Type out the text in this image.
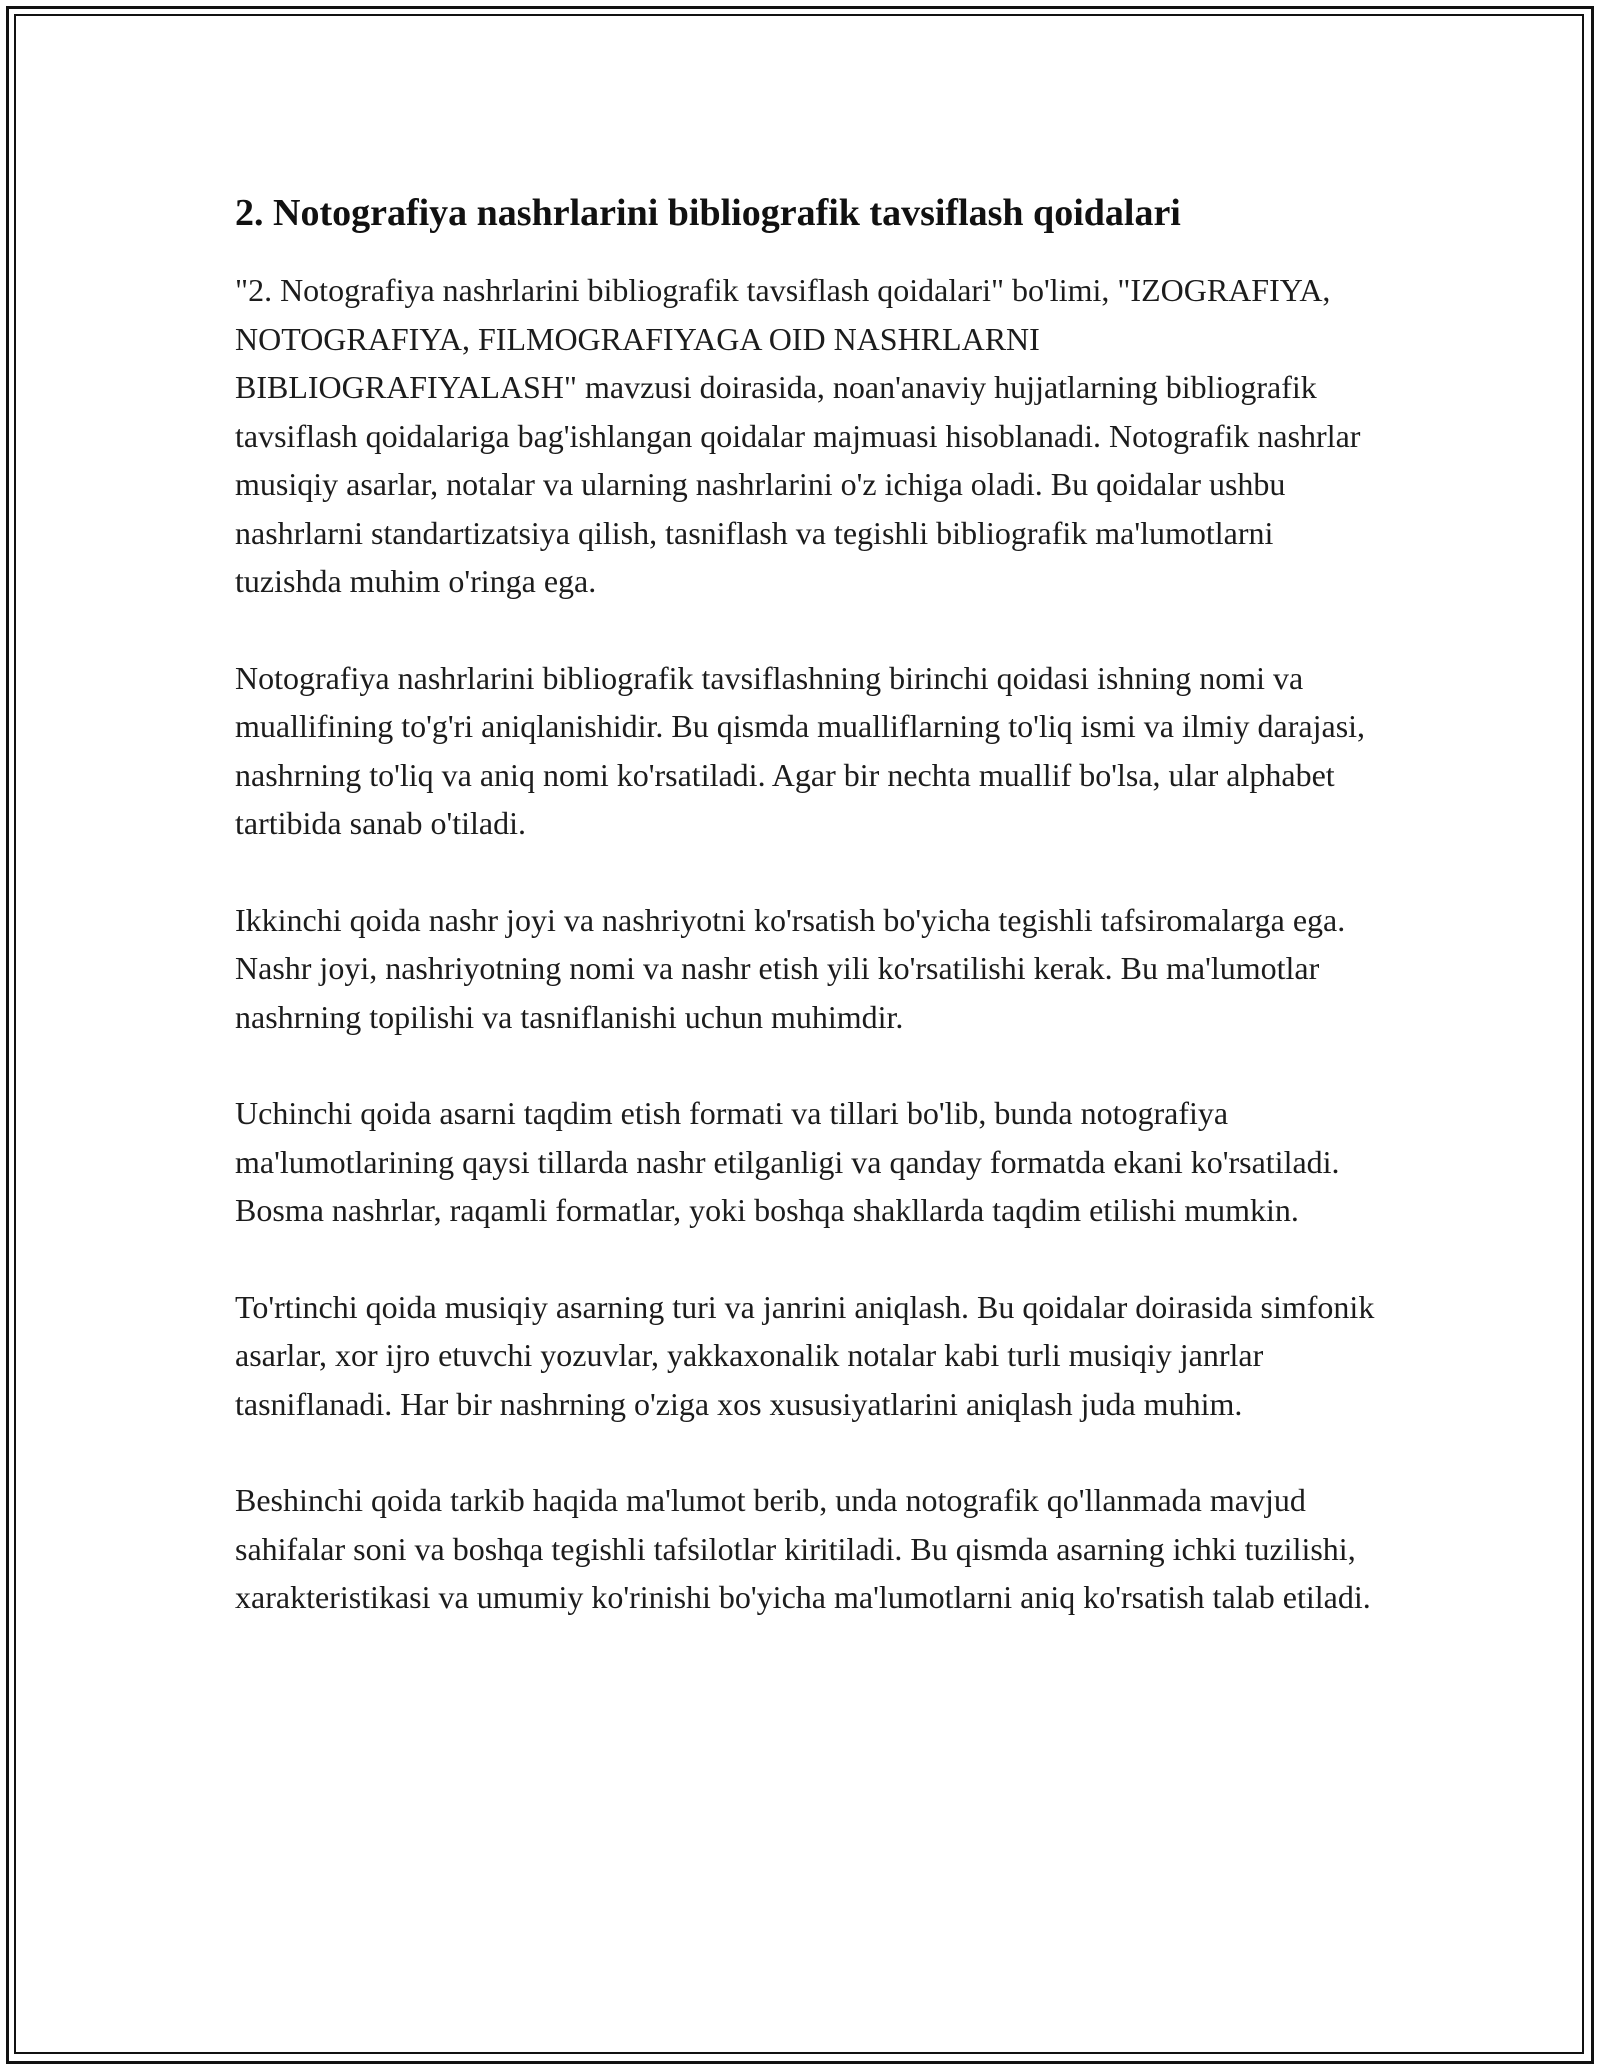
2. Notografiya nashrlarini bibliografik tavsiflash qoidalari

"2. Notografiya nashrlarini bibliografik tavsiflash qoidalari" bo'limi, "IZOGRAFIYA, NOTOGRAFIYA, FILMOGRAFIYAGA OID NASHRLARNI BIBLIOGRAFIYALASH" mavzusi doirasida, noan'anaviy hujjatlarning bibliografik tavsiflash qoidalariga bag'ishlangan qoidalar majmuasi hisoblanadi. Notografik nashrlar musiqiy asarlar, notalar va ularning nashrlarini o'z ichiga oladi. Bu qoidalar ushbu nashrlarni standartizatsiya qilish, tasniflash va tegishli bibliografik ma'lumotlarni tuzishda muhim o'ringa ega.

Notografiya nashrlarini bibliografik tavsiflashning birinchi qoidasi ishning nomi va muallifining to'g'ri aniqlanishidir. Bu qismda mualliflarning to'liq ismi va ilmiy darajasi, nashrning to'liq va aniq nomi ko'rsatiladi. Agar bir nechta muallif bo'lsa, ular alphabet tartibida sanab o'tiladi.

Ikkinchi qoida nashr joyi va nashriyotni ko'rsatish bo'yicha tegishli tafsiromalarga ega. Nashr joyi, nashriyotning nomi va nashr etish yili ko'rsatilishi kerak. Bu ma'lumotlar nashrning topilishi va tasniflanishi uchun muhimdir.

Uchinchi qoida asarni taqdim etish formati va tillari bo'lib, bunda notografiya ma'lumotlarining qaysi tillarda nashr etilganligi va qanday formatda ekani ko'rsatiladi. Bosma nashrlar, raqamli formatlar, yoki boshqa shakllarda taqdim etilishi mumkin.

To'rtinchi qoida musiqiy asarning turi va janrini aniqlash. Bu qoidalar doirasida simfonik asarlar, xor ijro etuvchi yozuvlar, yakkaxonalik notalar kabi turli musiqiy janrlar tasniflanadi. Har bir nashrning o'ziga xos xususiyatlarini aniqlash juda muhim.

Beshinchi qoida tarkib haqida ma'lumot berib, unda notografik qo'llanmada mavjud sahifalar soni va boshqa tegishli tafsilotlar kiritiladi. Bu qismda asarning ichki tuzilishi, xarakteristikasi va umumiy ko'rinishi bo'yicha ma'lumotlarni aniq ko'rsatish talab etiladi.
